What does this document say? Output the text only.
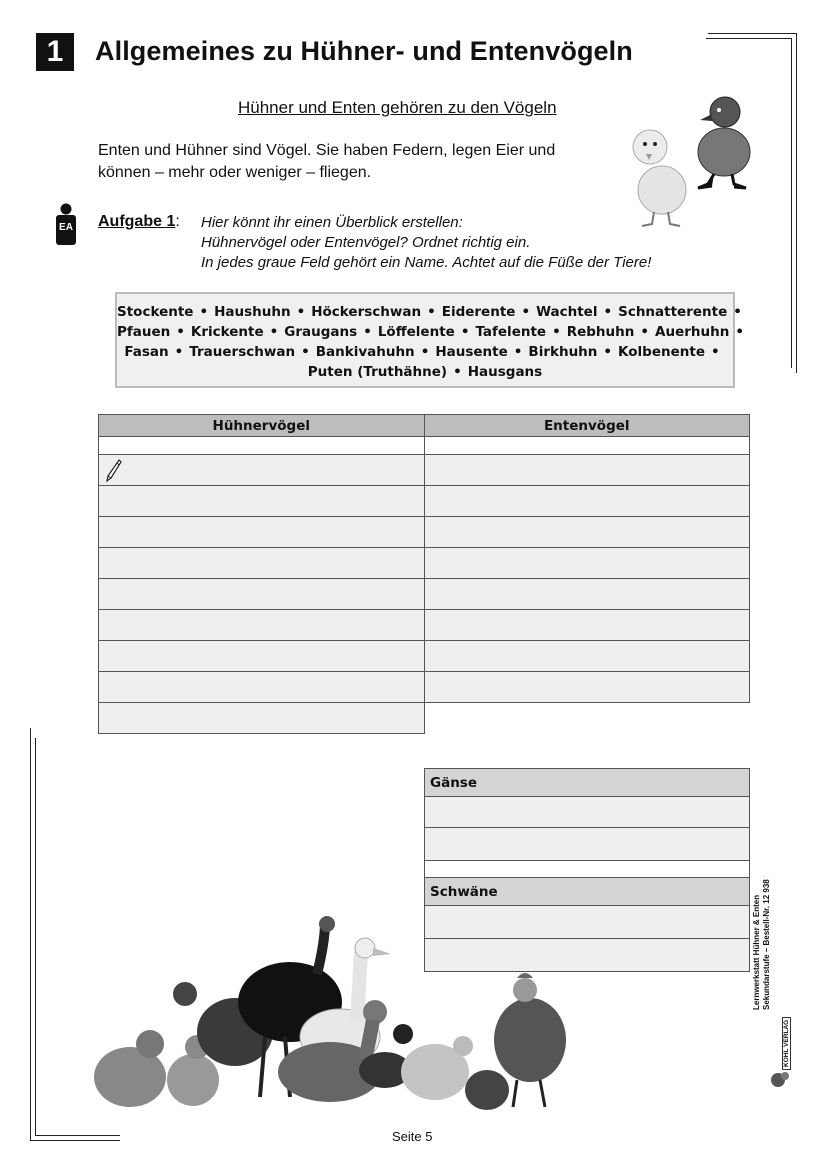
1	Allgemeines zu Hühner- und Entenvögeln
Hühner und Enten gehören zu den Vögeln
Enten und Hühner sind Vögel. Sie haben Federn, legen Eier und
können – mehr oder weniger – fliegen.
EA Aufgabe 1: Hier könnt ihr einen Überblick erstellen:
Hühnervögel oder Entenvögel? Ordnet richtig ein.
In jedes graue Feld gehört ein Name. Achtet auf die Füße der Tiere!
Stockente • Haushuhn • Höckerschwan • Eiderente • Wachtel • Schnatterente •
Pfauen • Krickente • Graugans • Löffelente • Tafelente • Rebhuhn • Auerhuhn •
Fasan • Trauerschwan • Bankivahuhn • Hausente • Birkhuhn • Kolbenente •
Puten (Truthähne) • Hausgans
Hühnervögel	Entenvögel

Gänse

Schwäne

Lernwerkstatt Hühner & Enten Sekundarstufe – Bestell-Nr. 12 938
KOHL VERLAG
Seite 5
